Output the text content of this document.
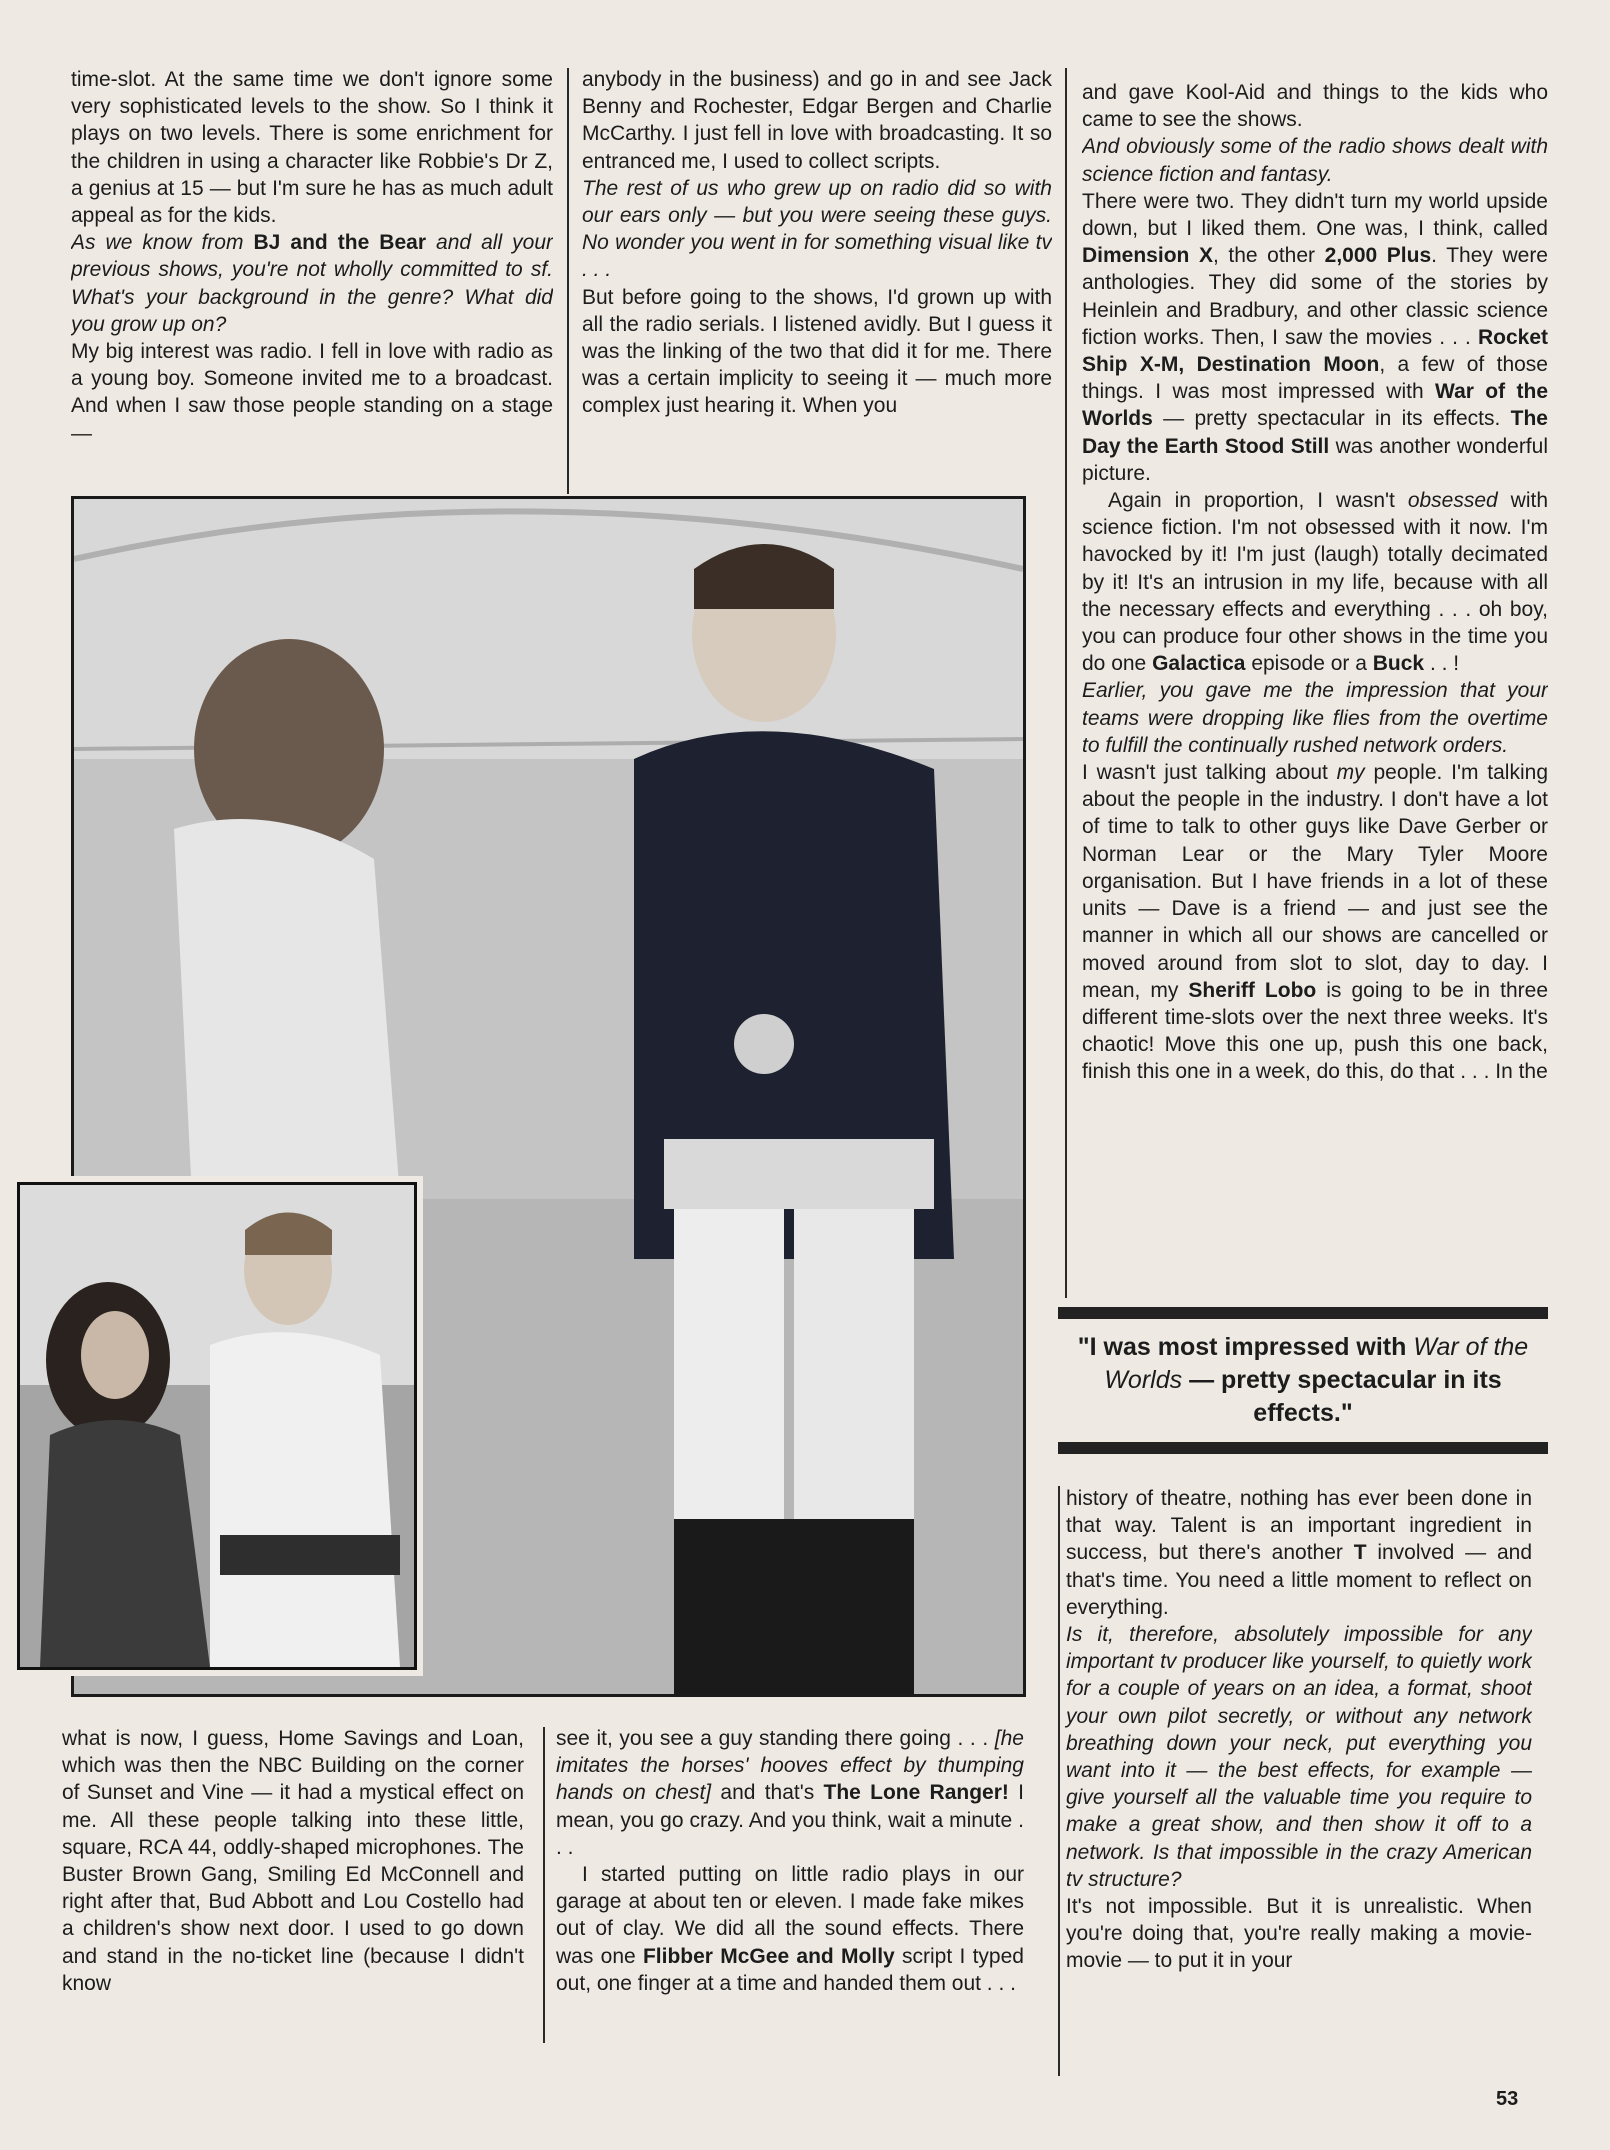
time-slot. At the same time we don't ignore some very sophisticated levels to the show. So I think it plays on two levels. There is some enrichment for the children in using a character like Robbie's Dr Z, a genius at 15 — but I'm sure he has as much adult appeal as for the kids.

As we know from BJ and the Bear and all your previous shows, you're not wholly committed to sf. What's your background in the genre? What did you grow up on?

My big interest was radio. I fell in love with radio as a young boy. Someone invited me to a broadcast. And when I saw those people standing on a stage —

anybody in the business) and go in and see Jack Benny and Rochester, Edgar Bergen and Charlie McCarthy. I just fell in love with broadcasting. It so entranced me, I used to collect scripts.

The rest of us who grew up on radio did so with our ears only — but you were seeing these guys. No wonder you went in for something visual like tv . . .

But before going to the shows, I'd grown up with all the radio serials. I listened avidly. But I guess it was the linking of the two that did it for me. There was a certain implicity to seeing it — much more complex just hearing it. When you

and gave Kool-Aid and things to the kids who came to see the shows.

And obviously some of the radio shows dealt with science fiction and fantasy.

There were two. They didn't turn my world upside down, but I liked them. One was, I think, called Dimension X, the other 2,000 Plus. They were anthologies. They did some of the stories by Heinlein and Bradbury, and other classic science fiction works. Then, I saw the movies . . . Rocket Ship X-M, Destination Moon, a few of those things. I was most impressed with War of the Worlds — pretty spectacular in its effects. The Day the Earth Stood Still was another wonderful picture.

Again in proportion, I wasn't obsessed with science fiction. I'm not obsessed with it now. I'm havocked by it! I'm just (laugh) totally decimated by it! It's an intrusion in my life, because with all the necessary effects and everything . . . oh boy, you can produce four other shows in the time you do one Galactica episode or a Buck . . !

Earlier, you gave me the impression that your teams were dropping like flies from the overtime to fulfill the continually rushed network orders.

I wasn't just talking about my people. I'm talking about the people in the industry. I don't have a lot of time to talk to other guys like Dave Gerber or Norman Lear or the Mary Tyler Moore organisation. But I have friends in a lot of these units — Dave is a friend — and just see the manner in which all our shows are cancelled or moved around from slot to slot, day to day. I mean, my Sheriff Lobo is going to be in three different time-slots over the next three weeks. It's chaotic! Move this one up, push this one back, finish this one in a week, do this, do that . . . In the

"I was most impressed with War of the Worlds — pretty spectacular in its effects."

history of theatre, nothing has ever been done in that way. Talent is an important ingredient in success, but there's another T involved — and that's time. You need a little moment to reflect on everything.

Is it, therefore, absolutely impossible for any important tv producer like yourself, to quietly work for a couple of years on an idea, a format, shoot your own pilot secretly, or without any network breathing down your neck, put everything you want into it — the best effects, for example — give yourself all the valuable time you require to make a great show, and then show it off to a network. Is that impossible in the crazy American tv structure?

It's not impossible. But it is unrealistic. When you're doing that, you're really making a movie-movie — to put it in your

what is now, I guess, Home Savings and Loan, which was then the NBC Building on the corner of Sunset and Vine — it had a mystical effect on me. All these people talking into these little, square, RCA 44, oddly-shaped microphones. The Buster Brown Gang, Smiling Ed McConnell and right after that, Bud Abbott and Lou Costello had a children's show next door. I used to go down and stand in the no-ticket line (because I didn't know

see it, you see a guy standing there going . . . [he imitates the horses' hooves effect by thumping hands on chest] and that's The Lone Ranger! I mean, you go crazy. And you think, wait a minute . . .

I started putting on little radio plays in our garage at about ten or eleven. I made fake mikes out of clay. We did all the sound effects. There was one Flibber McGee and Molly script I typed out, one finger at a time and handed them out . . .

53
